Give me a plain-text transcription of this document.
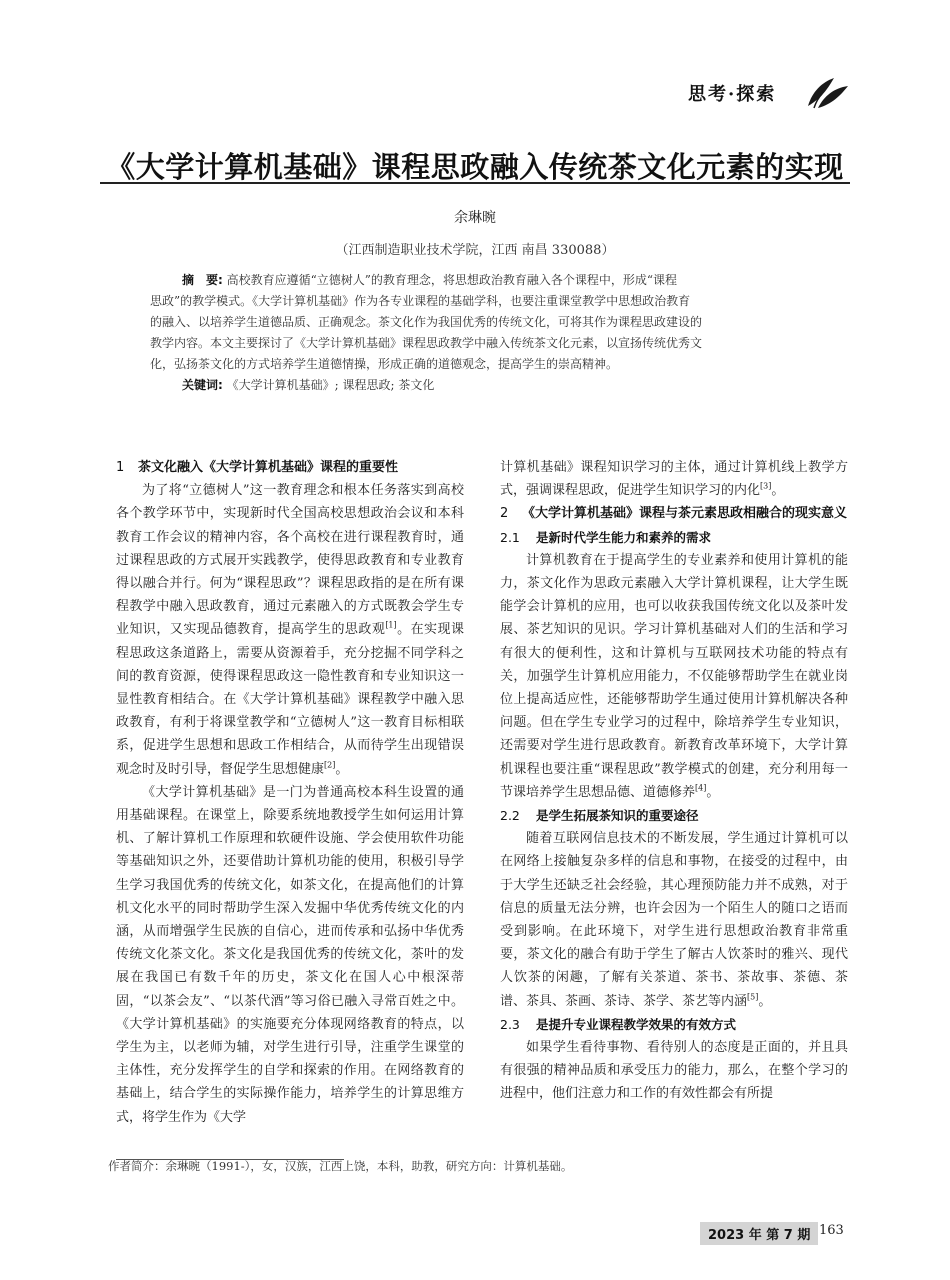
思考·探索
《大学计算机基础》课程思政融入传统茶文化元素的实现
余琳晼
（江西制造职业技术学院，江西 南昌 330088）
摘　要: 高校教育应遵循“立德树人”的教育理念，将思想政治教育融入各个课程中，形成“课程
思政”的教学模式。《大学计算机基础》作为各专业课程的基础学科，也要注重课堂教学中思想政治教育
的融入、以培养学生道德品质、正确观念。茶文化作为我国优秀的传统文化，可将其作为课程思政建设的
教学内容。本文主要探讨了《大学计算机基础》课程思政教学中融入传统茶文化元素，以宣扬传统优秀文
化，弘扬茶文化的方式培养学生道德情操，形成正确的道德观念，提高学生的崇高精神。
关键词: 《大学计算机基础》; 课程思政; 茶文化
1 茶文化融入《大学计算机基础》课程的重要性

为了将“立德树人”这一教育理念和根本任务落实到高校各个教学环节中，实现新时代全国高校思想政治会议和本科教育工作会议的精神内容，各个高校在进行课程教育时，通过课程思政的方式展开实践教学，使得思政教育和专业教育得以融合并行。何为“课程思政”？课程思政指的是在所有课程教学中融入思政教育，通过元素融入的方式既教会学生专业知识，又实现品德教育，提高学生的思政观[1]。在实现课程思政这条道路上，需要从资源着手，充分挖掘不同学科之间的教育资源，使得课程思政这一隐性教育和专业知识这一显性教育相结合。在《大学计算机基础》课程教学中融入思政教育，有利于将课堂教学和“立德树人”这一教育目标相联系，促进学生思想和思政工作相结合，从而待学生出现错误观念时及时引导，督促学生思想健康[2]。

《大学计算机基础》是一门为普通高校本科生设置的通用基础课程。在课堂上，除要系统地教授学生如何运用计算机、了解计算机工作原理和软硬件设施、学会使用软件功能等基础知识之外，还要借助计算机功能的使用，积极引导学生学习我国优秀的传统文化，如茶文化，在提高他们的计算机文化水平的同时帮助学生深入发掘中华优秀传统文化的内涵，从而增强学生民族的自信心，进而传承和弘扬中华优秀传统文化茶文化。茶文化是我国优秀的传统文化，茶叶的发展在我国已有数千年的历史，茶文化在国人心中根深蒂固，“以茶会友”、“以茶代酒”等习俗已融入寻常百姓之中。《大学计算机基础》的实施要充分体现网络教育的特点，以学生为主，以老师为辅，对学生进行引导，注重学生课堂的主体性，充分发挥学生的自学和探索的作用。在网络教育的基础上，结合学生的实际操作能力，培养学生的计算思维方式，将学生作为《大学

计算机基础》课程知识学习的主体，通过计算机线上教学方式，强调课程思政，促进学生知识学习的内化[3]。

2 《大学计算机基础》课程与茶元素思政相融合的现实意义
2.1 是新时代学生能力和素养的需求

计算机教育在于提高学生的专业素养和使用计算机的能力，茶文化作为思政元素融入大学计算机课程，让大学生既能学会计算机的应用，也可以收获我国传统文化以及茶叶发展、茶艺知识的见识。学习计算机基础对人们的生活和学习有很大的便利性，这和计算机与互联网技术功能的特点有关，加强学生计算机应用能力，不仅能够帮助学生在就业岗位上提高适应性，还能够帮助学生通过使用计算机解决各种问题。但在学生专业学习的过程中，除培养学生专业知识，还需要对学生进行思政教育。新教育改革环境下，大学计算机课程也要注重“课程思政”教学模式的创建，充分利用每一节课培养学生思想品德、道德修养[4]。

2.2 是学生拓展茶知识的重要途径

随着互联网信息技术的不断发展，学生通过计算机可以在网络上接触复杂多样的信息和事物，在接受的过程中，由于大学生还缺乏社会经验，其心理预防能力并不成熟，对于信息的质量无法分辨，也许会因为一个陌生人的随口之语而受到影响。在此环境下，对学生进行思想政治教育非常重要，茶文化的融合有助于学生了解古人饮茶时的雅兴、现代人饮茶的闲趣，了解有关茶道、茶书、茶故事、茶德、茶谱、茶具、茶画、茶诗、茶学、茶艺等内涵[5]。

2.3 是提升专业课程教学效果的有效方式

如果学生看待事物、看待别人的态度是正面的，并且具有很强的精神品质和承受压力的能力，那么，在整个学习的进程中，他们注意力和工作的有效性都会有所提

作者简介：余琳晼（1991-），女，汉族，江西上饶，本科，助教，研究方向：计算机基础。
2023 年 第 7 期 163
